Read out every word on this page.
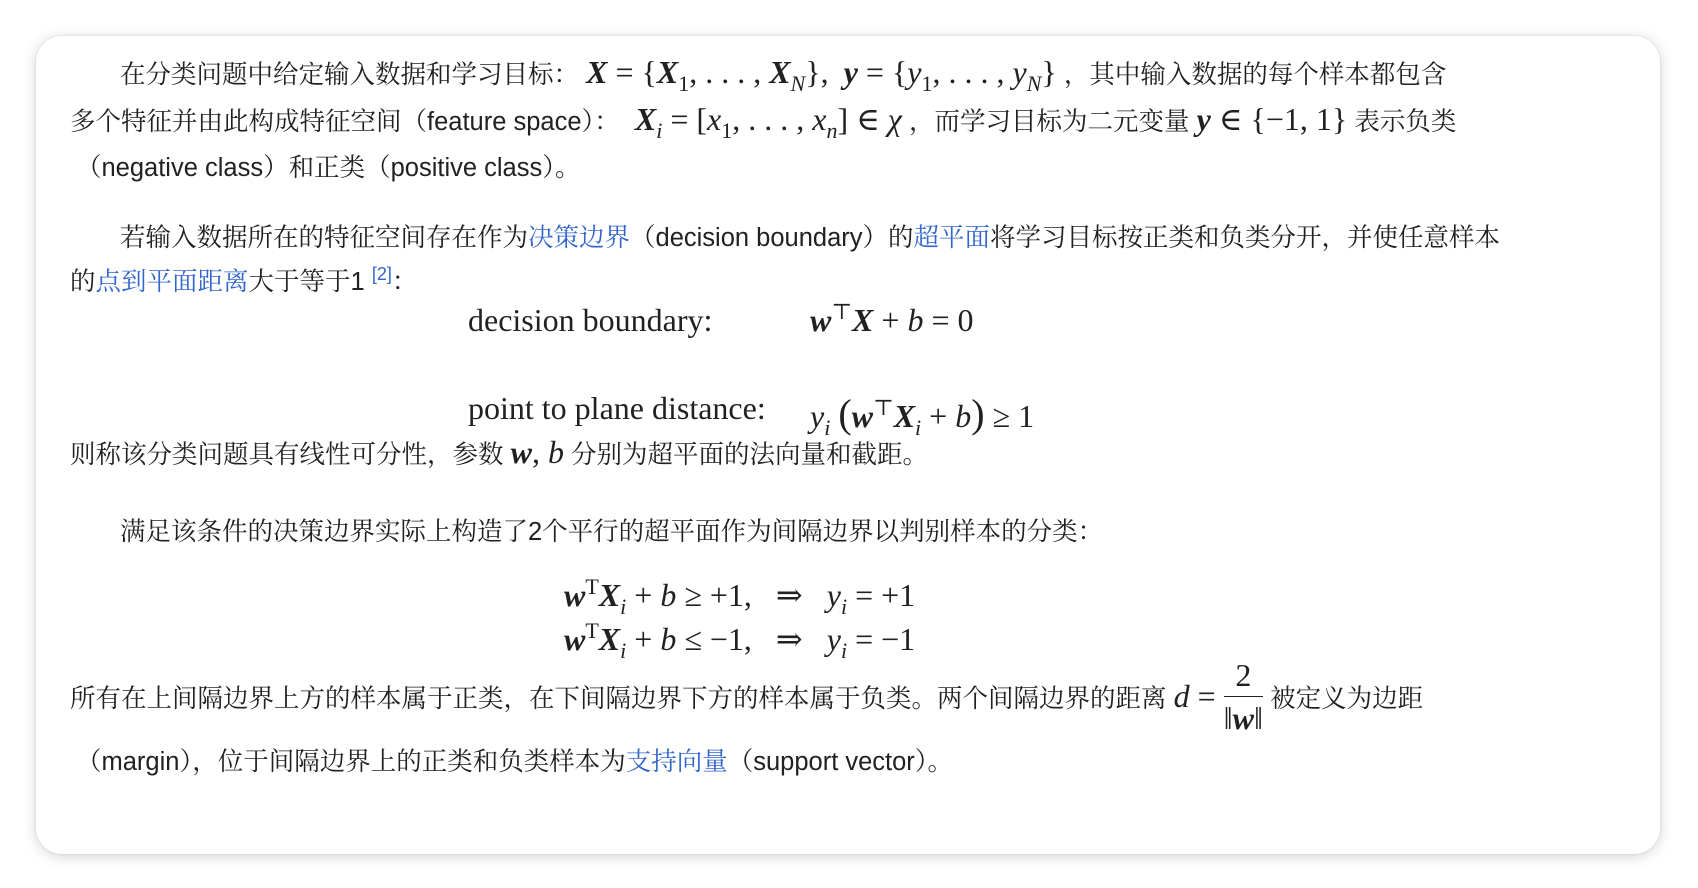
在分类问题中给定输入数据和学习目标： X = {X1, . . . , XN},  y = {y1, . . . , yN} ，其中输入数据的每个样本都包含
多个特征并由此构成特征空间（feature space）：  Xi = [x1, . . . , xn] ∈ χ ，而学习目标为二元变量 y ∈ {−1, 1} 表示负类
（negative class）和正类（positive class）。
若输入数据所在的特征空间存在作为决策边界（decision boundary）的超平面将学习目标按正类和负类分开，并使任意样本
的点到平面距离大于等于1 [2]：
decision boundary:	w⊤X + b = 0
point to plane distance: $y_i$ $(w^⊤X_i + b) \ge 1$
则称该分类问题具有线性可分性，参数 w, b 分别为超平面的法向量和截距。
满足该条件的决策边界实际上构造了2个平行的超平面作为间隔边界以判别样本的分类：
$w^TX_i + b \ge +1$,   ⇒   $y_i = +1$
$w^TX_i + b \le -1$,   ⇒   $y_i = -1$
所有在上间隔边界上方的样本属于正类，在下间隔边界下方的样本属于负类。两个间隔边界的距离 $d = \frac{2}{‖w‖}$ 被定义为边距
（margin），位于间隔边界上的正类和负类样本为支持向量（support vector）。
